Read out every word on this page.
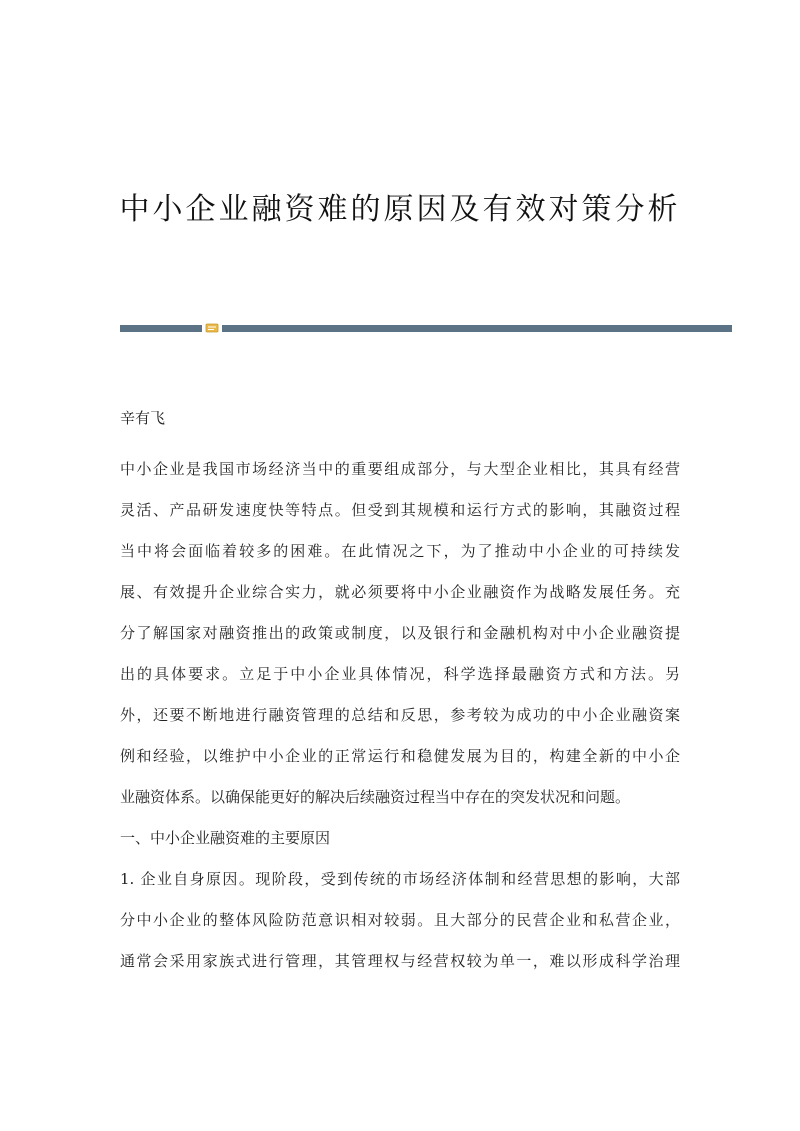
中小企业融资难的原因及有效对策分析
辛有飞
中小企业是我国市场经济当中的重要组成部分，与大型企业相比，其具有经营
灵活、产品研发速度快等特点。但受到其规模和运行方式的影响，其融资过程
当中将会面临着较多的困难。在此情况之下，为了推动中小企业的可持续发
展、有效提升企业综合实力，就必须要将中小企业融资作为战略发展任务。充
分了解国家对融资推出的政策或制度，以及银行和金融机构对中小企业融资提
出的具体要求。立足于中小企业具体情况，科学选择最融资方式和方法。另
外，还要不断地进行融资管理的总结和反思，参考较为成功的中小企业融资案
例和经验，以维护中小企业的正常运行和稳健发展为目的，构建全新的中小企
业融资体系。以确保能更好的解决后续融资过程当中存在的突发状况和问题。
一、中小企业融资难的主要原因
1. 企业自身原因。现阶段，受到传统的市场经济体制和经营思想的影响，大部
分中小企业的整体风险防范意识相对较弱。且大部分的民营企业和私营企业，
通常会采用家族式进行管理，其管理权与经营权较为单一，难以形成科学治理
